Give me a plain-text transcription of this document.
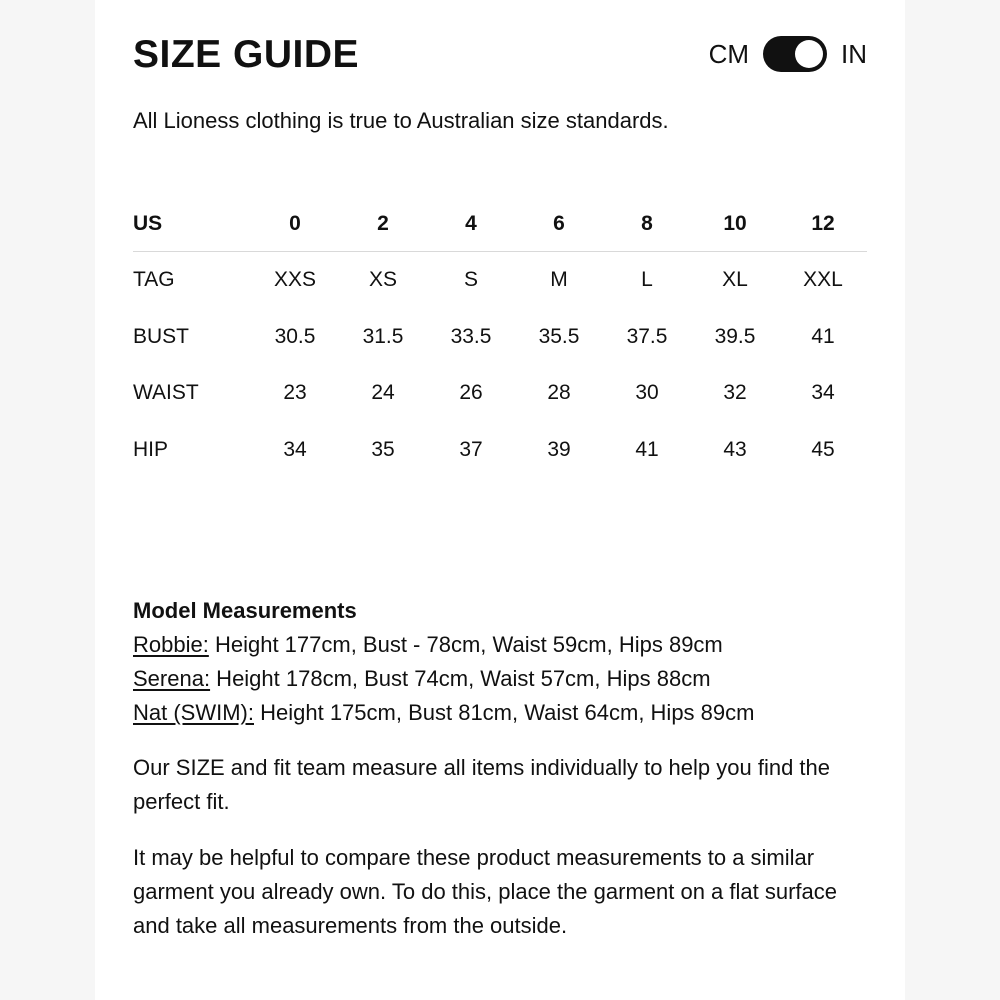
SIZE GUIDE	CM	IN
All Lioness clothing is true to Australian size standards.
US	0	2	4	6	8	10	12
TAG	XXS	XS	S	M	L	XL	XXL
BUST	30.5	31.5	33.5	35.5	37.5	39.5	41
WAIST	23	24	26	28	30	32	34
HIP	34	35	37	39	41	43	45
Model Measurements
Robbie: Height 177cm, Bust - 78cm, Waist 59cm, Hips 89cm
Serena: Height 178cm, Bust 74cm, Waist 57cm, Hips 88cm
Nat (SWIM): Height 175cm, Bust 81cm, Waist 64cm, Hips 89cm

Our SIZE and fit team measure all items individually to help you find the perfect fit.

It may be helpful to compare these product measurements to a similar garment you already own. To do this, place the garment on a flat surface and take all measurements from the outside.
